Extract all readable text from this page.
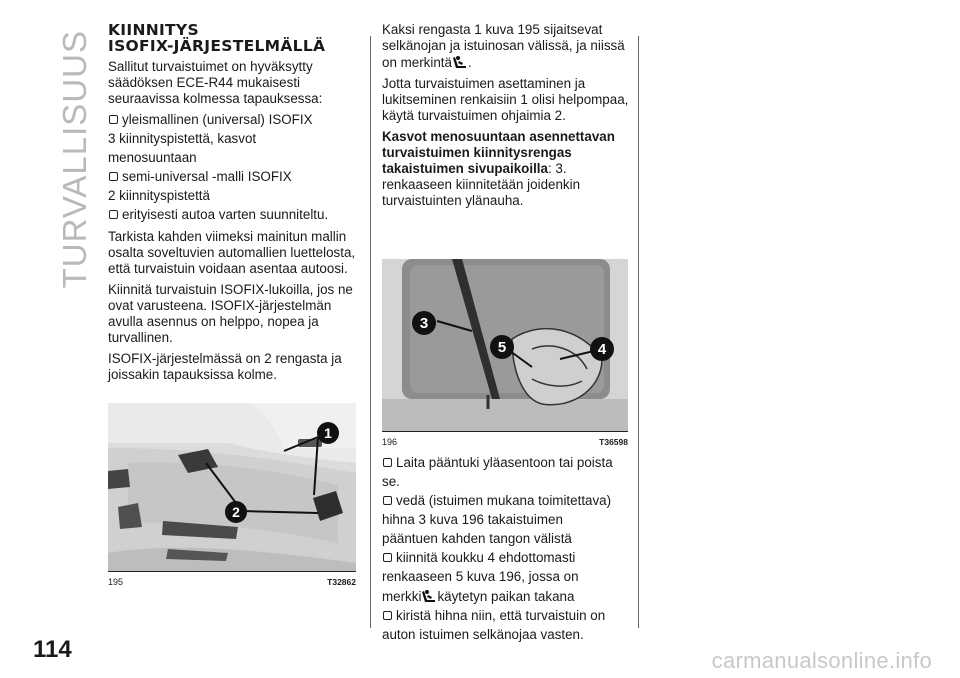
TURVALLISUUS
114
KIINNITYS
ISOFIX-JÄRJESTELMÄLLÄ

Sallitut turvaistuimet on hyväksytty säädöksen ECE-R44 mukaisesti seuraavissa kolmessa tapauksessa:

yleismallinen (universal) ISOFIX
3 kiinnityspistettä, kasvot
menosuuntaan
semi-universal -malli ISOFIX
2 kiinnityspistettä
erityisesti autoa varten suunniteltu.

Tarkista kahden viimeksi mainitun mallin osalta soveltuvien automallien luettelosta, että turvaistuin voidaan asentaa autoosi.

Kiinnitä turvaistuin ISOFIX-lukoilla, jos ne ovat varusteena. ISOFIX-järjestelmän avulla asennus on helppo, nopea ja turvallinen.

ISOFIX-järjestelmässä on 2 rengasta ja joissakin tapauksissa kolme.

1
2
195	T32862

Kaksi rengasta 1 kuva 195 sijaitsevat selkänojan ja istuinosan välissä, ja niissä on merkintä .

Jotta turvaistuimen asettaminen ja lukitseminen renkaisiin 1 olisi helpompaa, käytä turvaistuimen ohjaimia 2.

Kasvot menosuuntaan asennettavan turvaistuimen kiinnitysrengas takaistuimen sivupaikoilla: 3. renkaaseen kiinnitetään joidenkin turvaistuinten ylänauha.

3
5	4
196	T36598
Laita pääntuki yläasentoon tai poista
se.
vedä (istuimen mukana toimitettava)
hihna 3 kuva 196 takaistuimen
pääntuen kahden tangon välistä
kiinnitä koukku 4 ehdottomasti
renkaaseen 5 kuva 196, jossa on
merkki käytetyn paikan takana
kiristä hihna niin, että turvaistuin on
auton istuimen selkänojaa vasten.
carmanualsonline.info
